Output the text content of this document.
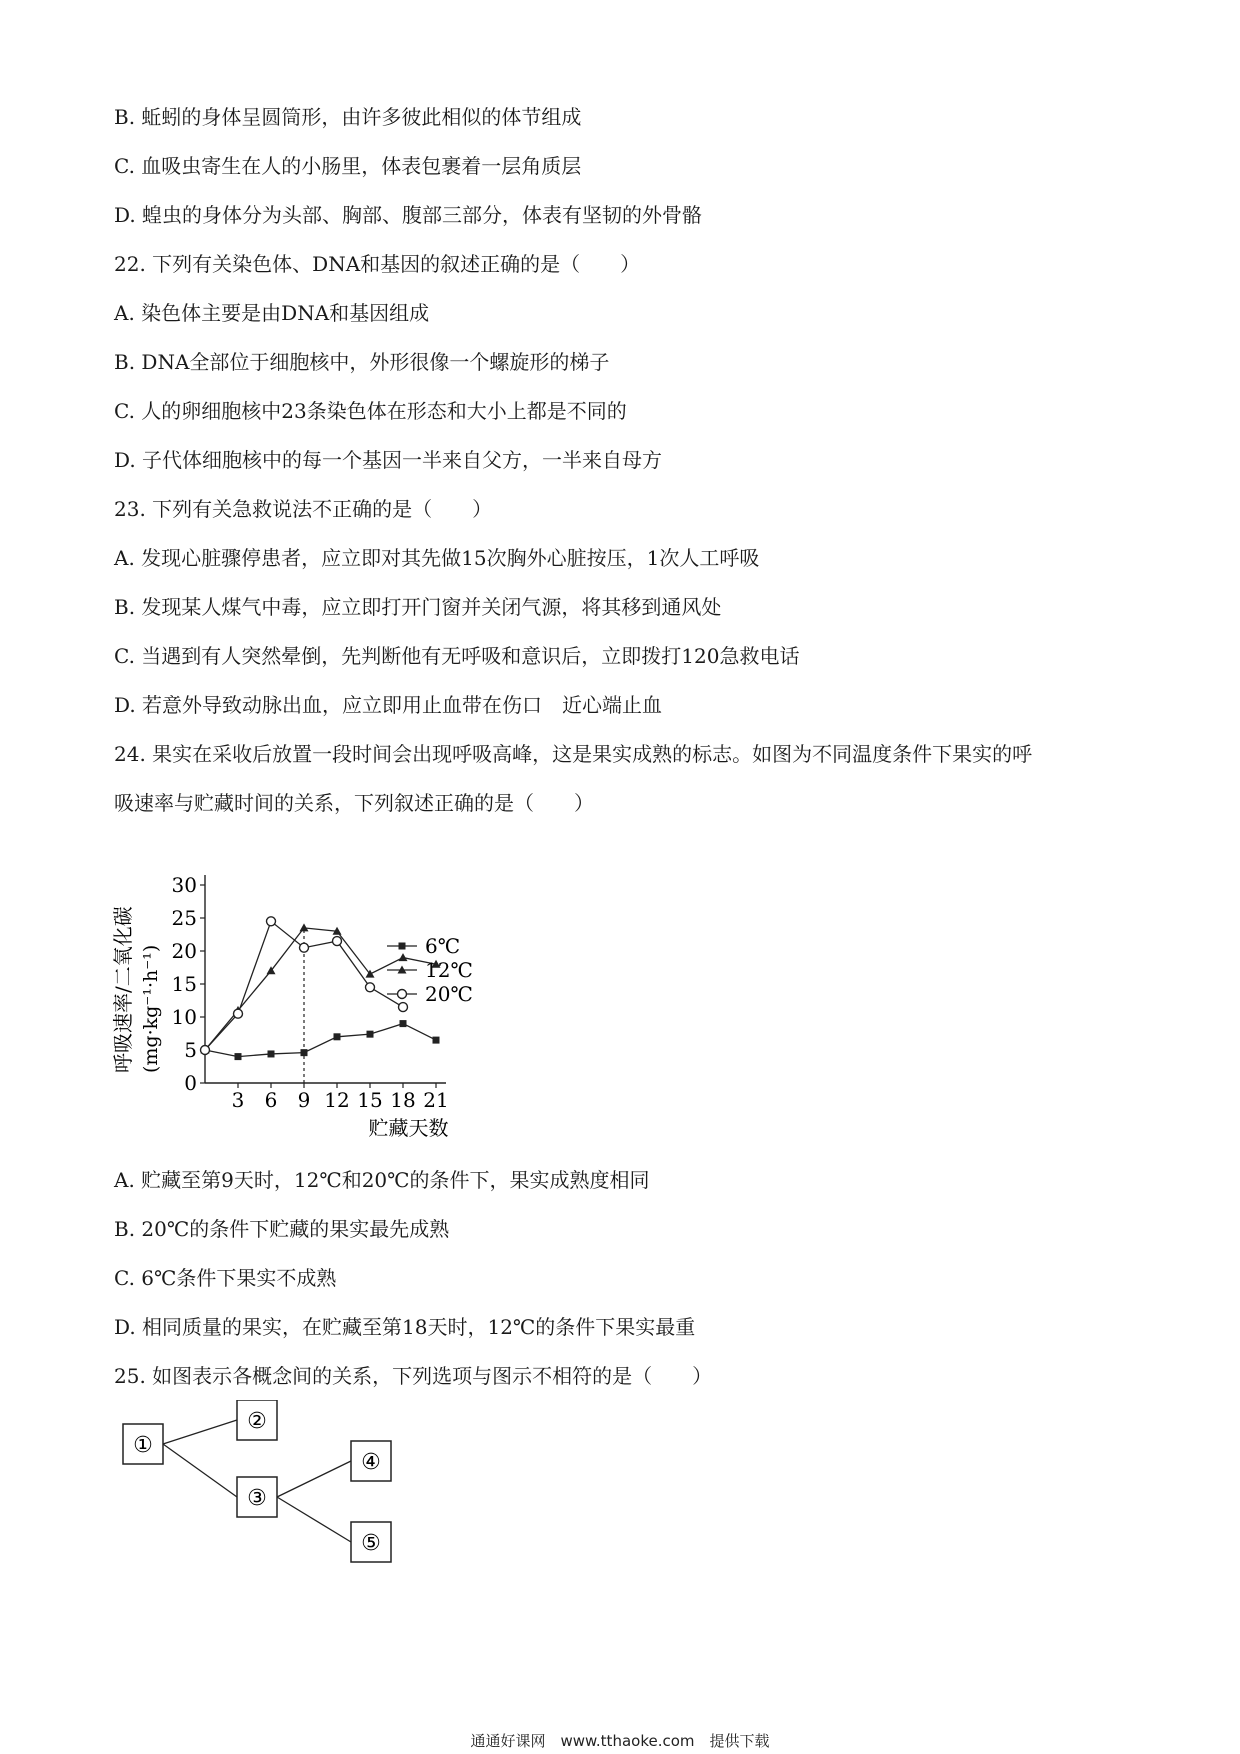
B. 蚯蚓的身体呈圆筒形，由许多彼此相似的体节组成
C. 血吸虫寄生在人的小肠里，体表包裹着一层角质层
D. 蝗虫的身体分为头部、胸部、腹部三部分，体表有坚韧的外骨骼
22. 下列有关染色体、DNA和基因的叙述正确的是（　　）
A. 染色体主要是由DNA和基因组成
B. DNA全部位于细胞核中，外形很像一个螺旋形的梯子
C. 人的卵细胞核中23条染色体在形态和大小上都是不同的
D. 子代体细胞核中的每一个基因一半来自父方，一半来自母方
23. 下列有关急救说法不正确的是（　　）
A. 发现心脏骤停患者，应立即对其先做15次胸外心脏按压，1次人工呼吸
B. 发现某人煤气中毒，应立即打开门窗并关闭气源，将其移到通风处
C. 当遇到有人突然晕倒，先判断他有无呼吸和意识后，立即拨打120急救电话
D. 若意外导致动脉出血，应立即用止血带在伤口　近心端止血
24. 果实在采收后放置一段时间会出现呼吸高峰，这是果实成熟的标志。如图为不同温度条件下果实的呼
吸速率与贮藏时间的关系，下列叙述正确的是（　　）
A. 贮藏至第9天时，12℃和20℃的条件下，果实成熟度相同
B. 20℃的条件下贮藏的果实最先成熟
C. 6℃条件下果实不成熟
D. 相同质量的果实，在贮藏至第18天时，12℃的条件下果实最重
25. 如图表示各概念间的关系，下列选项与图示不相符的是（　　）
0
5
10
15
20
25
30
3 6 9 12 15 18 21
贮藏天数
呼吸速率/二氧化碳 (mg·kg⁻¹·h⁻¹)	6℃
12℃
20℃
①
②
③
④
⑤
通通好课网　www.tthaoke.com　提供下载
